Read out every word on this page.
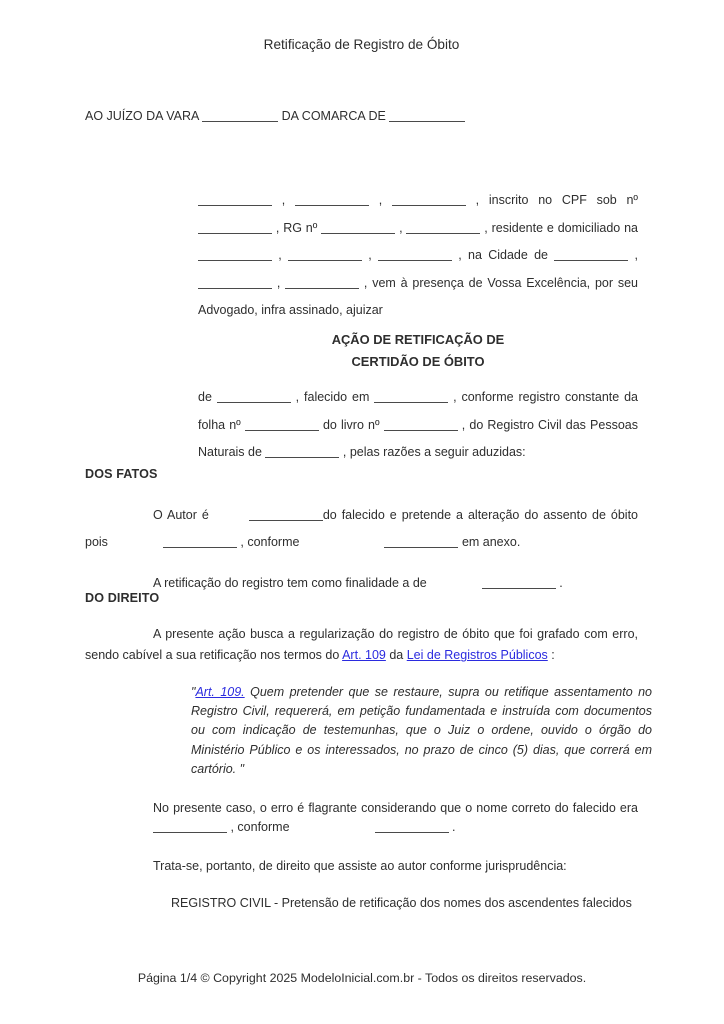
Retificação de Registro de Óbito

AO JUÍZO DA VARA	DA COMARCA DE

,	,	, inscrito no CPF sob nº  , RG nº	,	, residente e domiciliado na  ,	,	, na Cidade de	,  ,	, vem à presença de Vossa Excelência, por seu Advogado, infra assinado, ajuizar

AÇÃO DE RETIFICAÇÃO DE
CERTIDÃO DE ÓBITO

de	, falecido em	, conforme registro constante da folha nº	do livro nº	, do Registro Civil das Pessoas Naturais de	, pelas razões a seguir aduzidas:

DOS FATOS

O Autor é	do falecido e pretende a alteração do assento de óbito pois	, conforme	em anexo.

A retificação do registro tem como finalidade a de	.

DO DIREITO

A presente ação busca a regularização do registro de óbito que foi grafado com erro, sendo cabível a sua retificação nos termos do Art. 109 da Lei de Registros Públicos :

"Art. 109. Quem pretender que se restaure, supra ou retifique assentamento no Registro Civil, requererá, em petição fundamentada e instruída com documentos ou com indicação de testemunhas, que o Juiz o ordene, ouvido o órgão do Ministério Público e os interessados, no prazo de cinco (5) dias, que correrá em cartório. "

No presente caso, o erro é flagrante considerando que o nome correto do falecido era  , conforme	.

Trata-se, portanto, de direito que assiste ao autor conforme jurisprudência:

REGISTRO CIVIL - Pretensão de retificação dos nomes dos ascendentes falecidos

Página 1/4 © Copyright 2025 ModeloInicial.com.br - Todos os direitos reservados.
